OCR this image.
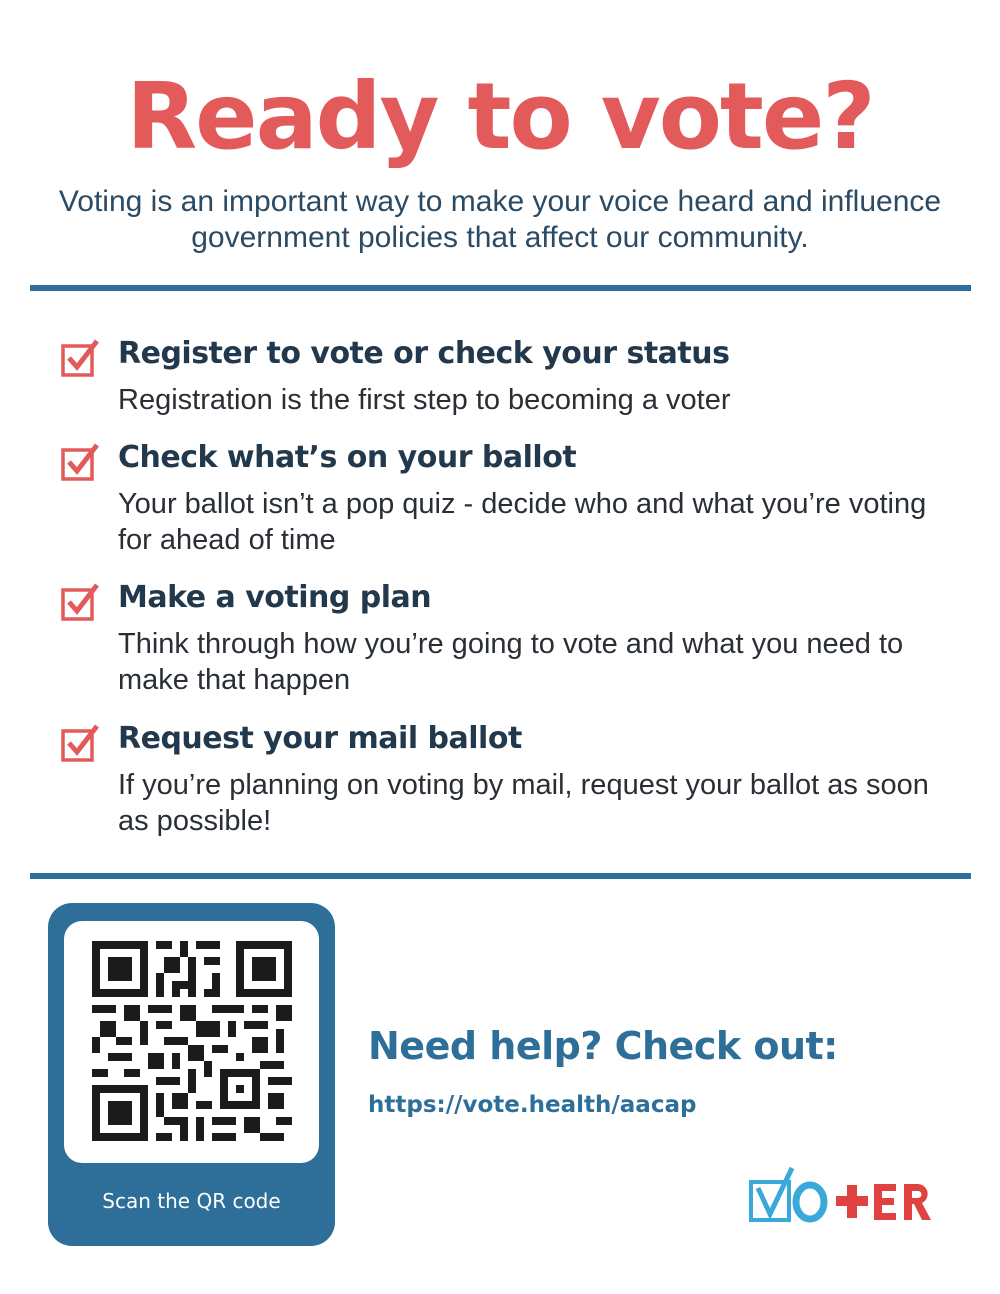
Ready to vote?

Voting is an important way to make your voice heard and influence government policies that affect our community.

Register to vote or check your status
Registration is the first step to becoming a voter
Check what’s on your ballot
Your ballot isn’t a pop quiz - decide who and what you’re voting for ahead of time
Make a voting plan
Think through how you’re going to vote and what you need to make that happen
Request your mail ballot
If you’re planning on voting by mail, request your ballot as soon as possible!
Scan the QR code
Need help? Check out:
https://vote.health/aacap
